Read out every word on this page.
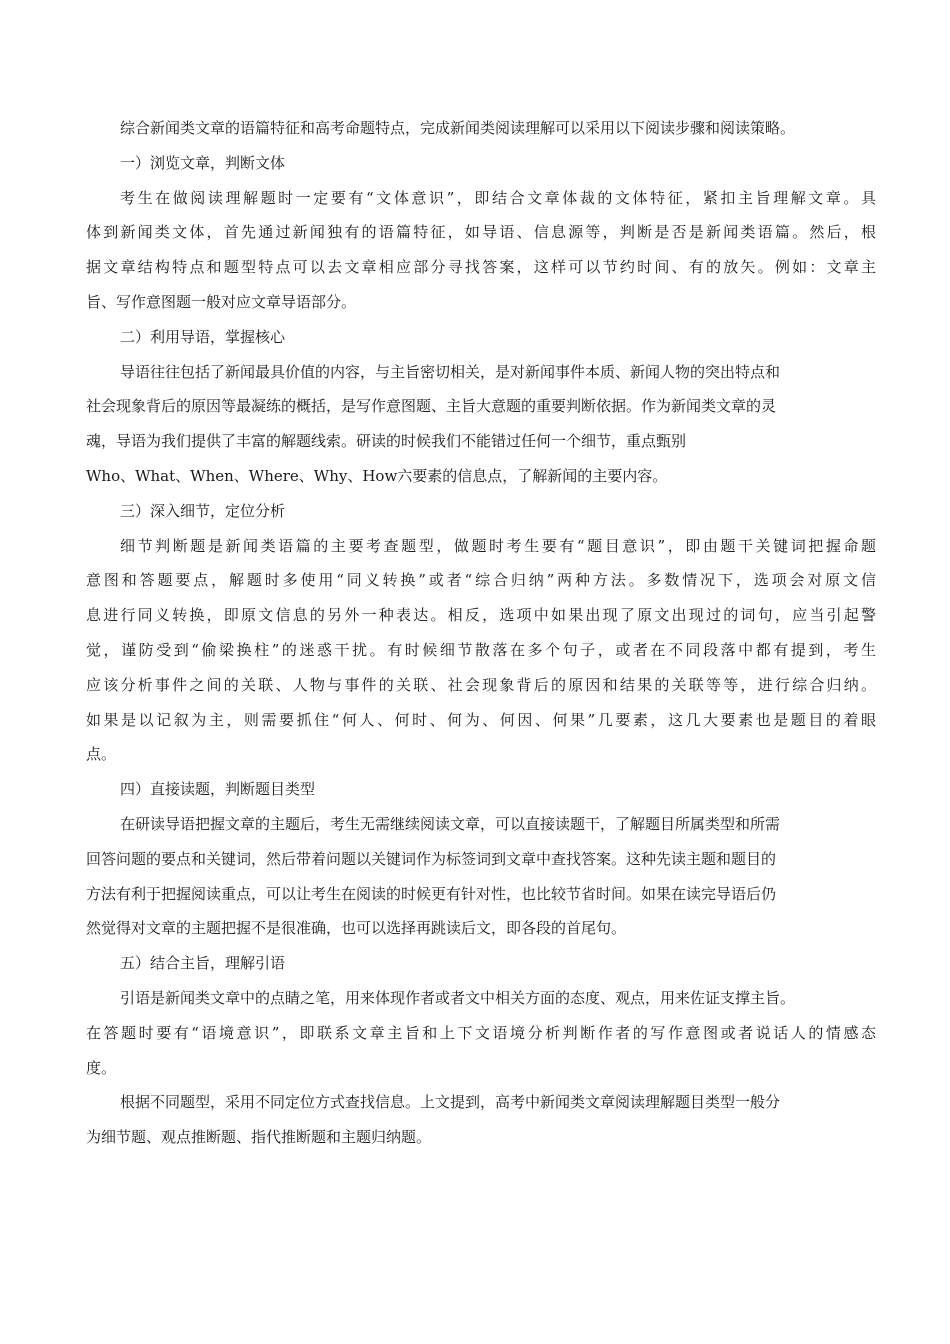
综合新闻类文章的语篇特征和高考命题特点，完成新闻类阅读理解可以采用以下阅读步骤和阅读策略。
一）浏览文章，判断文体
考生在做阅读理解题时一定要有“文体意识”，即结合文章体裁的文体特征，紧扣主旨理解文章。具
体到新闻类文体，首先通过新闻独有的语篇特征，如导语、信息源等，判断是否是新闻类语篇。然后，根
据文章结构特点和题型特点可以去文章相应部分寻找答案，这样可以节约时间、有的放矢。例如：文章主
旨、写作意图题一般对应文章导语部分。
二）利用导语，掌握核心
导语往往包括了新闻最具价值的内容，与主旨密切相关，是对新闻事件本质、新闻人物的突出特点和
社会现象背后的原因等最凝练的概括，是写作意图题、主旨大意题的重要判断依据。作为新闻类文章的灵
魂，导语为我们提供了丰富的解题线索。研读的时候我们不能错过任何一个细节，重点甄别
Who、What、When、Where、Why、How六要素的信息点，了解新闻的主要内容。
三）深入细节，定位分析
细节判断题是新闻类语篇的主要考查题型，做题时考生要有“题目意识”，即由题干关键词把握命题
意图和答题要点，解题时多使用“同义转换”或者“综合归纳”两种方法。多数情况下，选项会对原文信
息进行同义转换，即原文信息的另外一种表达。相反，选项中如果出现了原文出现过的词句，应当引起警
觉，谨防受到“偷梁换柱”的迷惑干扰。有时候细节散落在多个句子，或者在不同段落中都有提到，考生
应该分析事件之间的关联、人物与事件的关联、社会现象背后的原因和结果的关联等等，进行综合归纳。
如果是以记叙为主，则需要抓住“何人、何时、何为、何因、何果”几要素，这几大要素也是题目的着眼
点。
四）直接读题，判断题目类型
在研读导语把握文章的主题后，考生无需继续阅读文章，可以直接读题干，了解题目所属类型和所需
回答问题的要点和关键词，然后带着问题以关键词作为标签词到文章中查找答案。这种先读主题和题目的
方法有利于把握阅读重点，可以让考生在阅读的时候更有针对性，也比较节省时间。如果在读完导语后仍
然觉得对文章的主题把握不是很准确，也可以选择再跳读后文，即各段的首尾句。
五）结合主旨，理解引语
引语是新闻类文章中的点睛之笔，用来体现作者或者文中相关方面的态度、观点，用来佐证支撑主旨。
在答题时要有“语境意识”，即联系文章主旨和上下文语境分析判断作者的写作意图或者说话人的情感态
度。
根据不同题型，采用不同定位方式查找信息。上文提到，高考中新闻类文章阅读理解题目类型一般分
为细节题、观点推断题、指代推断题和主题归纳题。
